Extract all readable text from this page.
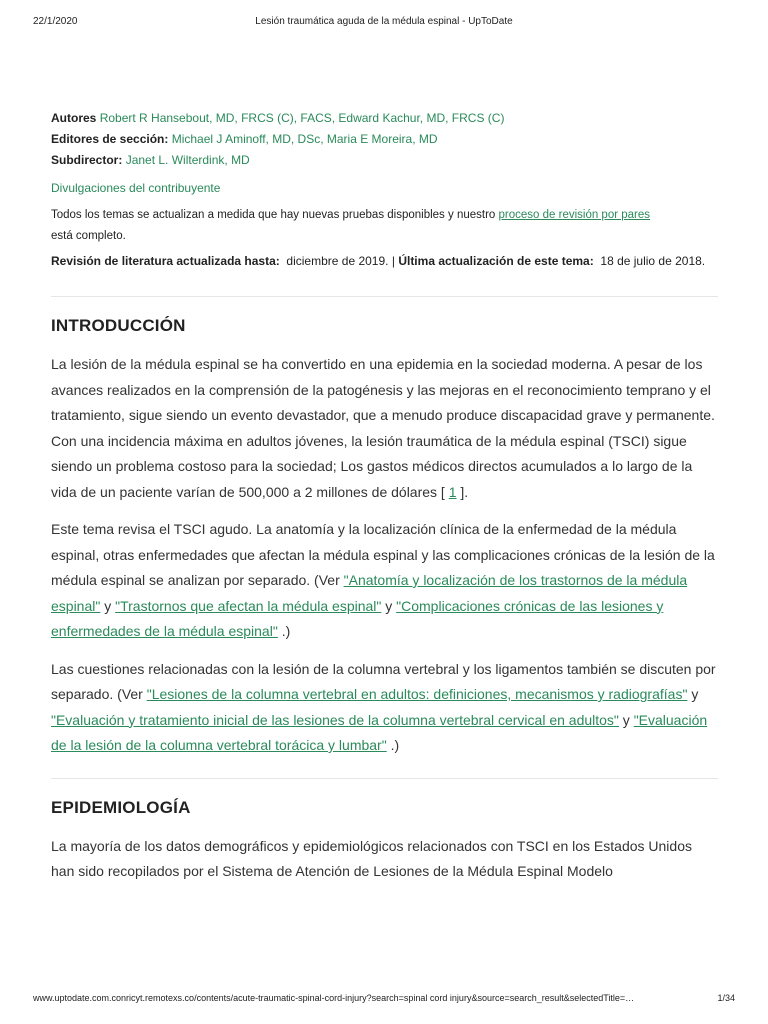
22/1/2020	Lesión traumática aguda de la médula espinal - UpToDate
Autores Robert R Hansebout, MD, FRCS (C), FACS, Edward Kachur, MD, FRCS (C)
Editores de sección: Michael J Aminoff, MD, DSc, Maria E Moreira, MD
Subdirector: Janet L. Wilterdink, MD
Divulgaciones del contribuyente
Todos los temas se actualizan a medida que hay nuevas pruebas disponibles y nuestro proceso de revisión por pares
está completo.
Revisión de literatura actualizada hasta: diciembre de 2019. | Última actualización de este tema: 18 de julio de 2018.
INTRODUCCIÓN

La lesión de la médula espinal se ha convertido en una epidemia en la sociedad moderna. A pesar de los avances realizados en la comprensión de la patogénesis y las mejoras en el reconocimiento temprano y el tratamiento, sigue siendo un evento devastador, que a menudo produce discapacidad grave y permanente. Con una incidencia máxima en adultos jóvenes, la lesión traumática de la médula espinal (TSCI) sigue siendo un problema costoso para la sociedad; Los gastos médicos directos acumulados a lo largo de la vida de un paciente varían de 500,000 a 2 millones de dólares [ 1 ].

Este tema revisa el TSCI agudo. La anatomía y la localización clínica de la enfermedad de la médula espinal, otras enfermedades que afectan la médula espinal y las complicaciones crónicas de la lesión de la médula espinal se analizan por separado. (Ver "Anatomía y localización de los trastornos de la médula espinal" y "Trastornos que afectan la médula espinal" y "Complicaciones crónicas de las lesiones y enfermedades de la médula espinal" .)

Las cuestiones relacionadas con la lesión de la columna vertebral y los ligamentos también se discuten por separado. (Ver "Lesiones de la columna vertebral en adultos: definiciones, mecanismos y radiografías" y "Evaluación y tratamiento inicial de las lesiones de la columna vertebral cervical en adultos" y "Evaluación de la lesión de la columna vertebral torácica y lumbar" .)

EPIDEMIOLOGÍA

La mayoría de los datos demográficos y epidemiológicos relacionados con TSCI en los Estados Unidos han sido recopilados por el Sistema de Atención de Lesiones de la Médula Espinal Modelo

www.uptodate.com.conricyt.remotexs.co/contents/acute-traumatic-spinal-cord-injury?search=spinal cord injury&source=search_result&selectedTitle=…	1/34
